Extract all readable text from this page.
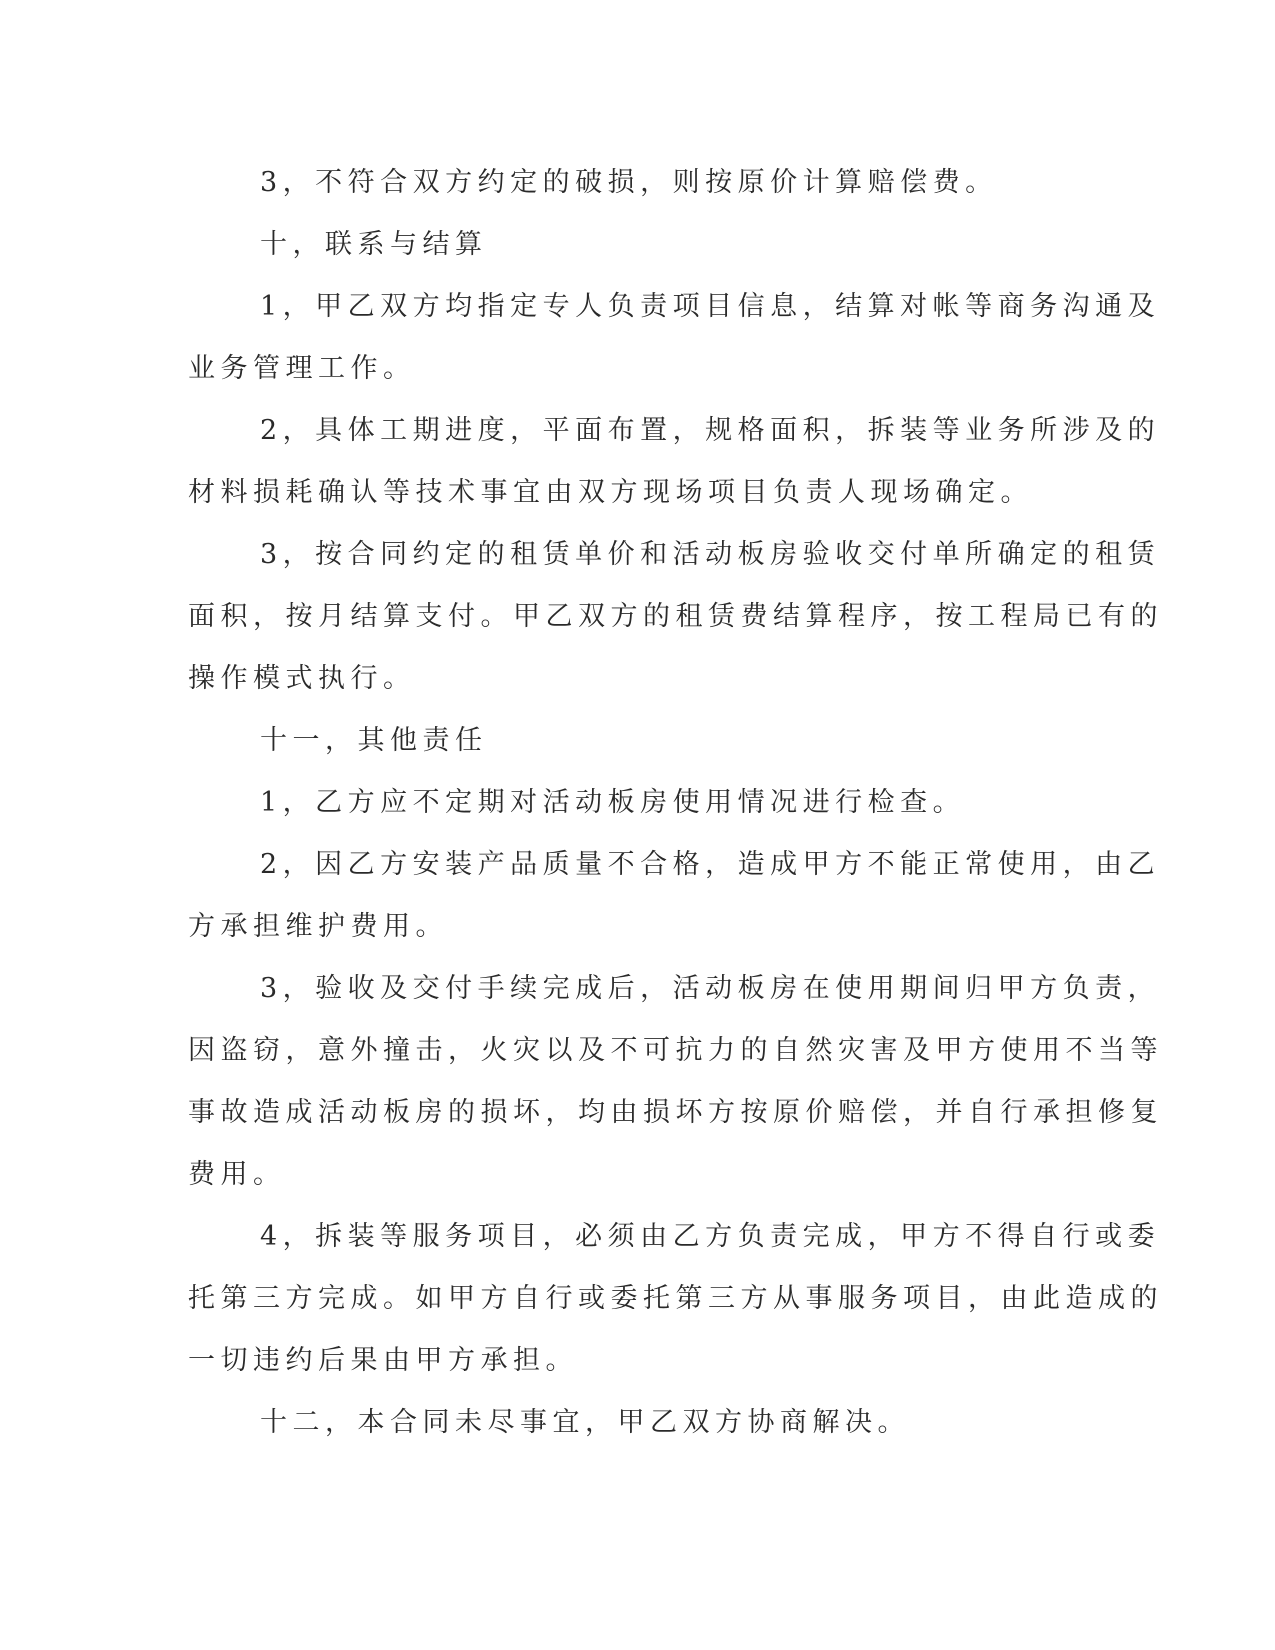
3，不符合双方约定的破损，则按原价计算赔偿费。
十，联系与结算
1，甲乙双方均指定专人负责项目信息，结算对帐等商务沟通及
业务管理工作。
2，具体工期进度，平面布置，规格面积，拆装等业务所涉及的
材料损耗确认等技术事宜由双方现场项目负责人现场确定。
3，按合同约定的租赁单价和活动板房验收交付单所确定的租赁
面积，按月结算支付。甲乙双方的租赁费结算程序，按工程局已有的
操作模式执行。
十一，其他责任
1，乙方应不定期对活动板房使用情况进行检查。
2，因乙方安装产品质量不合格，造成甲方不能正常使用，由乙
方承担维护费用。
3，验收及交付手续完成后，活动板房在使用期间归甲方负责，
因盗窃，意外撞击，火灾以及不可抗力的自然灾害及甲方使用不当等
事故造成活动板房的损坏，均由损坏方按原价赔偿，并自行承担修复
费用。
4，拆装等服务项目，必须由乙方负责完成，甲方不得自行或委
托第三方完成。如甲方自行或委托第三方从事服务项目，由此造成的
一切违约后果由甲方承担。
十二，本合同未尽事宜，甲乙双方协商解决。
